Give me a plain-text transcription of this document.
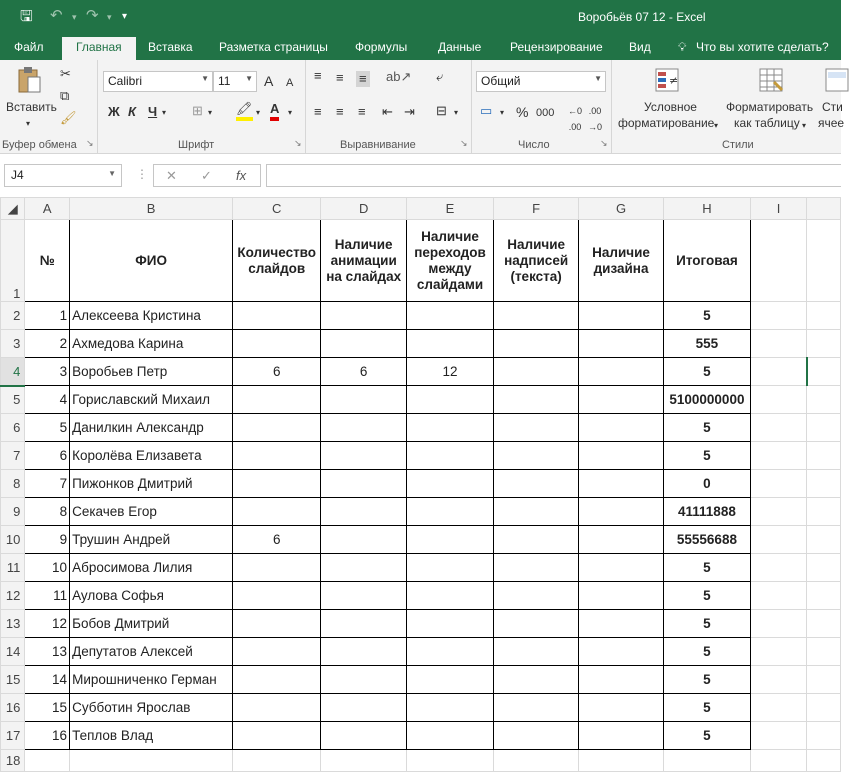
🖫 ↶ ▾ ↷ ▾ ▾	Воробьёв 07 12 - Excel
Файл	Главная	Вставка Разметка страницы Формулы	Данные Рецензирование Вид 💡︎ Что вы хотите сделать?
Вставить
▾
✂
⧉
🖌︎
Буфер обмена ↘
Calibri	▼ 11 ▼ A A
Ж К Ч ▾ ⊞ ▾ 🖍︎ ▾ A ▾
Шрифт	↘
≡ ≡ ≡ ab↗ ⤶
≡ ≡ ≡ ⇤ ⇥ ⊟ ▾
Выравнивание	↘
Общий	▼
▭ ▾ % 000 ←0
.00
.00
→0
Число	↘
≠
Условное
форматирование ▾
Форматировать
как таблицу ▾
Сти
ячее
Стили
J4	▼ ⋮ ✕ ✓ fx
◢	A	B	C	D	E	F	G	H	I	
1	№	ФИО	Количество слайдов	Наличие анимации на слайдах	Наличие переходов между слайдами	Наличие надписей (текста)	Наличие дизайна	Итоговая		
2	1	Алексеева Кристина						5		
3	2	Ахмедова Карина						555		
4	3	Воробьев Петр	6	6	12			5		
5	4	Гориславский Михаил						5100000000		
6	5	Данилкин Александр						5		
7	6	Королёва Елизавета						5		
8	7	Пижонков Дмитрий						0		
9	8	Секачев Егор						41111888		
10	9	Трушин Андрей	6					55556688		
11	10	Абросимова Лилия						5		
12	11	Аулова Софья						5		
13	12	Бобов Дмитрий						5		
14	13	Депутатов Алексей						5		
15	14	Мирошниченко Герман						5		
16	15	Субботин Ярослав						5		
17	16	Теплов Влад						5		
18										
